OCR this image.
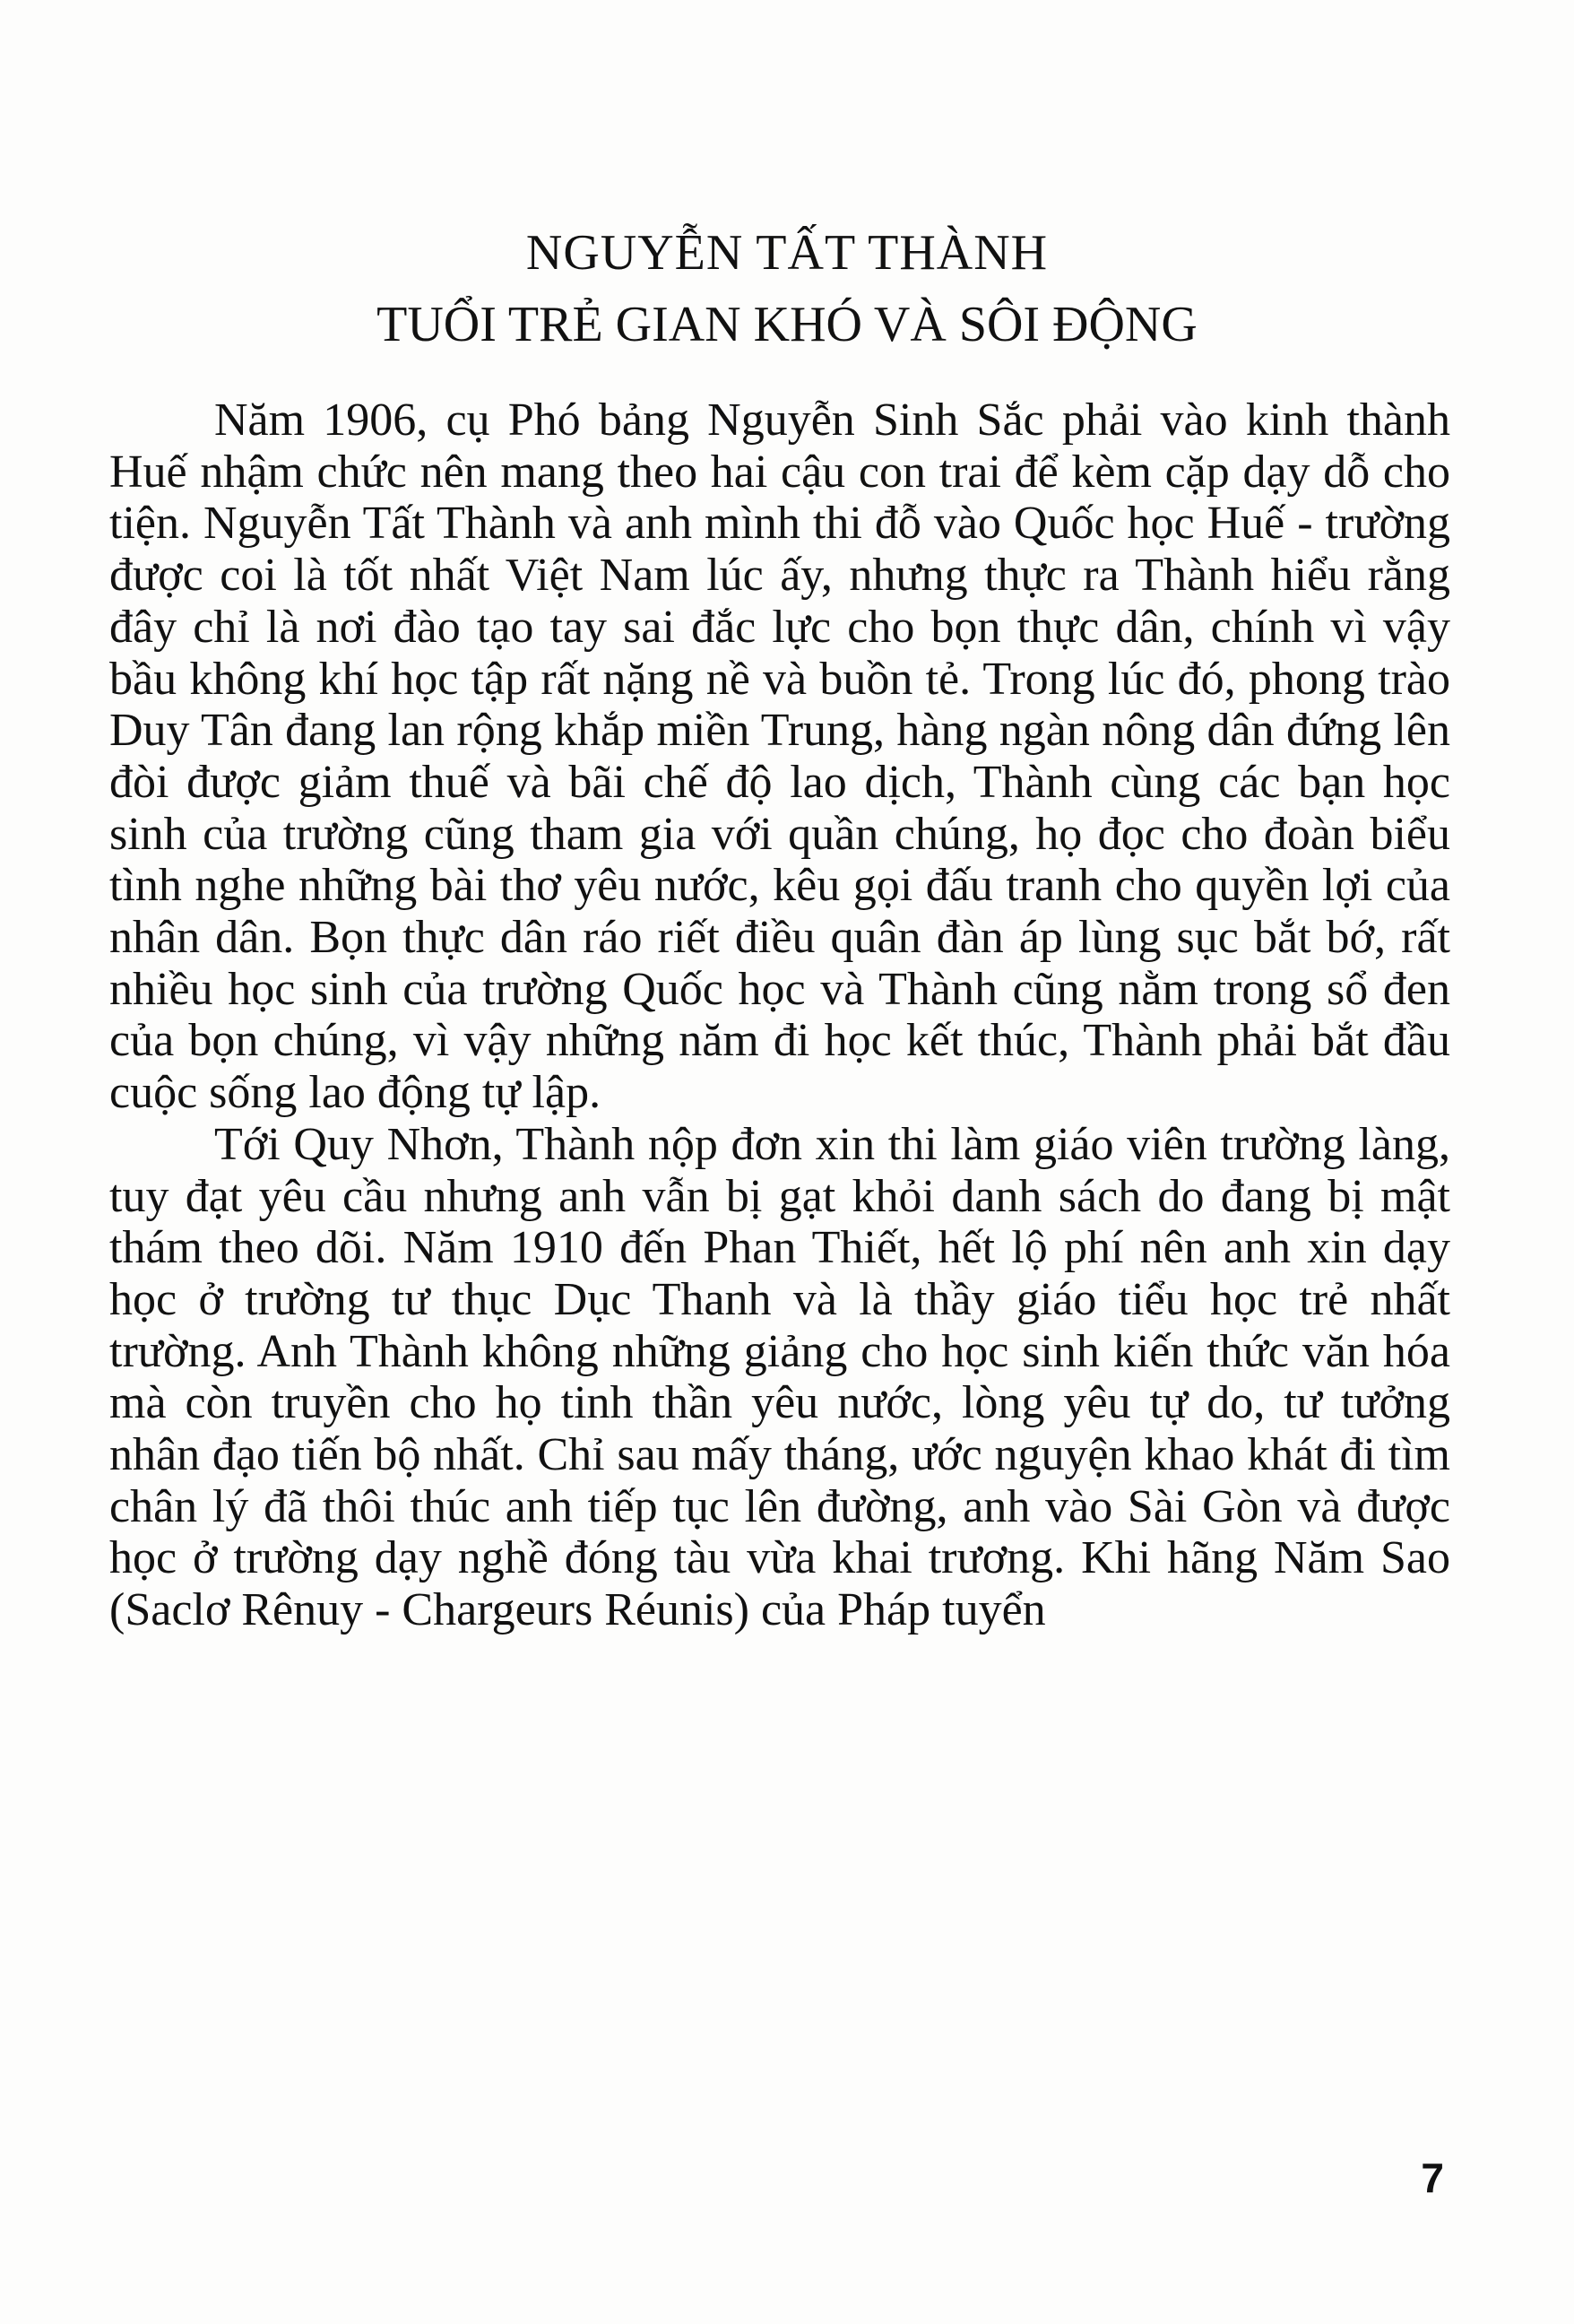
NGUYỄN TẤT THÀNH
TUỔI TRẺ GIAN KHÓ VÀ SÔI ĐỘNG

Năm 1906, cụ Phó bảng Nguyễn Sinh Sắc phải vào kinh thành Huế nhậm chức nên mang theo hai cậu con trai để kèm cặp dạy dỗ cho tiện. Nguyễn Tất Thành và anh mình thi đỗ vào Quốc học Huế - trường được coi là tốt nhất Việt Nam lúc ấy, nhưng thực ra Thành hiểu rằng đây chỉ là nơi đào tạo tay sai đắc lực cho bọn thực dân, chính vì vậy bầu không khí học tập rất nặng nề và buồn tẻ. Trong lúc đó, phong trào Duy Tân đang lan rộng khắp miền Trung, hàng ngàn nông dân đứng lên đòi được giảm thuế và bãi chế độ lao dịch, Thành cùng các bạn học sinh của trường cũng tham gia với quần chúng, họ đọc cho đoàn biểu tình nghe những bài thơ yêu nước, kêu gọi đấu tranh cho quyền lợi của nhân dân. Bọn thực dân ráo riết điều quân đàn áp lùng sục bắt bớ, rất nhiều học sinh của trường Quốc học và Thành cũng nằm trong sổ đen của bọn chúng, vì vậy những năm đi học kết thúc, Thành phải bắt đầu cuộc sống lao động tự lập.

Tới Quy Nhơn, Thành nộp đơn xin thi làm giáo viên trường làng, tuy đạt yêu cầu nhưng anh vẫn bị gạt khỏi danh sách do đang bị mật thám theo dõi. Năm 1910 đến Phan Thiết, hết lộ phí nên anh xin dạy học ở trường tư thục Dục Thanh và là thầy giáo tiểu học trẻ nhất trường. Anh Thành không những giảng cho học sinh kiến thức văn hóa mà còn truyền cho họ tinh thần yêu nước, lòng yêu tự do, tư tưởng nhân đạo tiến bộ nhất. Chỉ sau mấy tháng, ước nguyện khao khát đi tìm chân lý đã thôi thúc anh tiếp tục lên đường, anh vào Sài Gòn và được học ở trường dạy nghề đóng tàu vừa khai trương. Khi hãng Năm Sao (Saclơ Rênuy - Chargeurs Réunis) của Pháp tuyển

7
